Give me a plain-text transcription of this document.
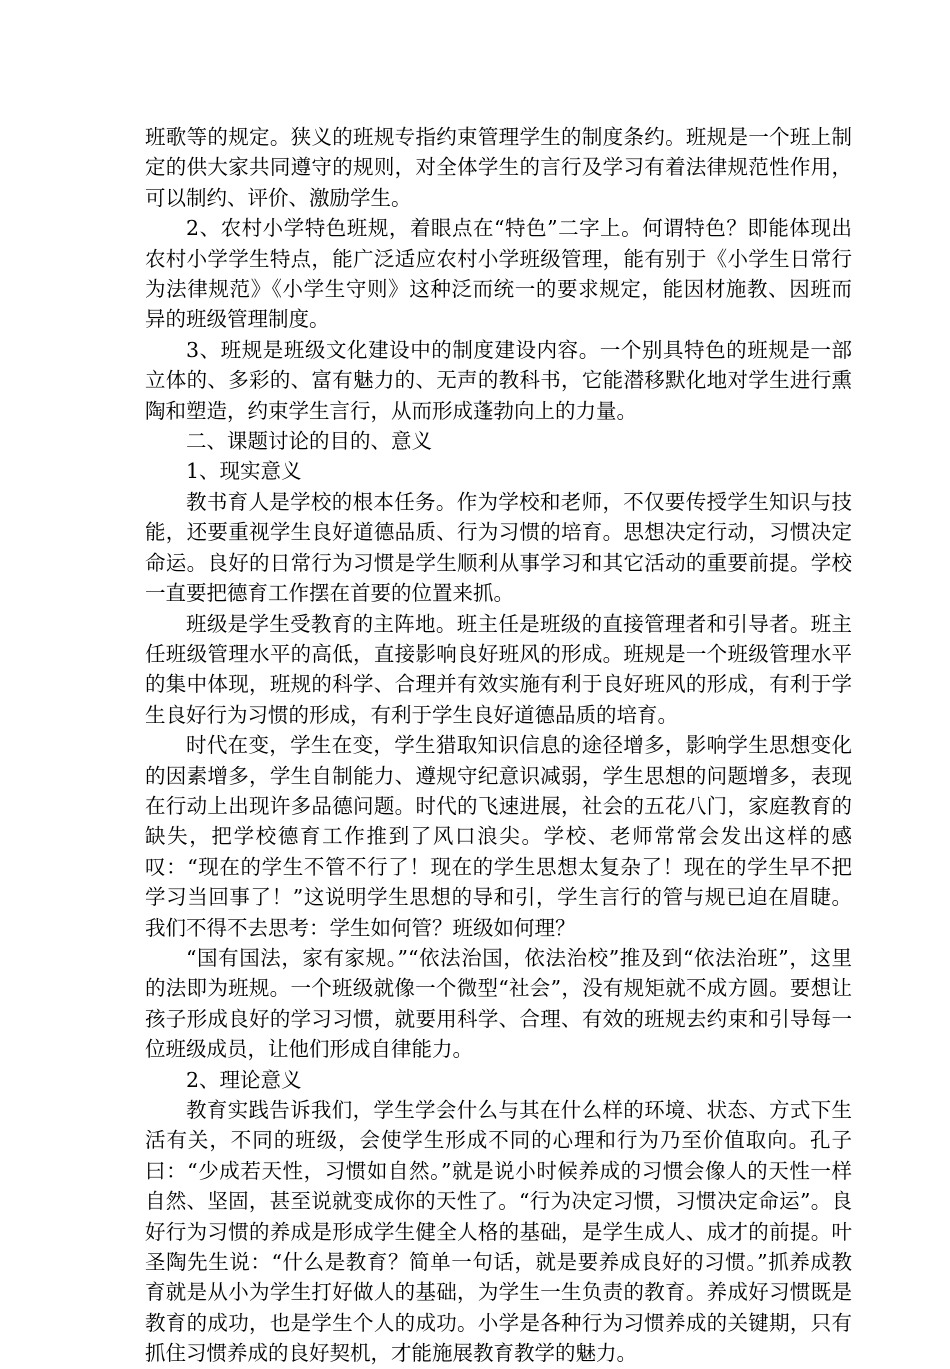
班歌等的规定。狭义的班规专指约束管理学生的制度条约。班规是一个班上制定的供大家共同遵守的规则，对全体学生的言行及学习有着法律规范性作用，可以制约、评价、激励学生。

2、农村小学特色班规，着眼点在“特色”二字上。何谓特色？即能体现出农村小学学生特点，能广泛适应农村小学班级管理，能有别于《小学生日常行为法律规范》《小学生守则》这种泛而统一的要求规定，能因材施教、因班而异的班级管理制度。

3、班规是班级文化建设中的制度建设内容。一个别具特色的班规是一部立体的、多彩的、富有魅力的、无声的教科书，它能潜移默化地对学生进行熏陶和塑造，约束学生言行，从而形成蓬勃向上的力量。

二、课题讨论的目的、意义

1、现实意义

教书育人是学校的根本任务。作为学校和老师，不仅要传授学生知识与技能，还要重视学生良好道德品质、行为习惯的培育。思想决定行动，习惯决定命运。良好的日常行为习惯是学生顺利从事学习和其它活动的重要前提。学校一直要把德育工作摆在首要的位置来抓。

班级是学生受教育的主阵地。班主任是班级的直接管理者和引导者。班主任班级管理水平的高低，直接影响良好班风的形成。班规是一个班级管理水平的集中体现，班规的科学、合理并有效实施有利于良好班风的形成，有利于学生良好行为习惯的形成，有利于学生良好道德品质的培育。

时代在变，学生在变，学生猎取知识信息的途径增多，影响学生思想变化的因素增多，学生自制能力、遵规守纪意识减弱，学生思想的问题增多，表现在行动上出现许多品德问题。时代的飞速进展，社会的五花八门，家庭教育的缺失，把学校德育工作推到了风口浪尖。学校、老师常常会发出这样的感叹：“现在的学生不管不行了！现在的学生思想太复杂了！现在的学生早不把学习当回事了！”这说明学生思想的导和引，学生言行的管与规已迫在眉睫。我们不得不去思考：学生如何管？班级如何理？

“国有国法，家有家规。”“依法治国，依法治校”推及到“依法治班”，这里的法即为班规。一个班级就像一个微型“社会”，没有规矩就不成方圆。要想让孩子形成良好的学习习惯，就要用科学、合理、有效的班规去约束和引导每一位班级成员，让他们形成自律能力。

2、理论意义

教育实践告诉我们，学生学会什么与其在什么样的环境、状态、方式下生活有关，不同的班级，会使学生形成不同的心理和行为乃至价值取向。孔子曰：“少成若天性，习惯如自然。”就是说小时候养成的习惯会像人的天性一样自然、坚固，甚至说就变成你的天性了。“行为决定习惯，习惯决定命运”。良好行为习惯的养成是形成学生健全人格的基础，是学生成人、成才的前提。叶圣陶先生说：“什么是教育？简单一句话，就是要养成良好的习惯。”抓养成教育就是从小为学生打好做人的基础，为学生一生负责的教育。养成好习惯既是教育的成功，也是学生个人的成功。小学是各种行为习惯养成的关键期，只有抓住习惯养成的良好契机，才能施展教育教学的魅力。
